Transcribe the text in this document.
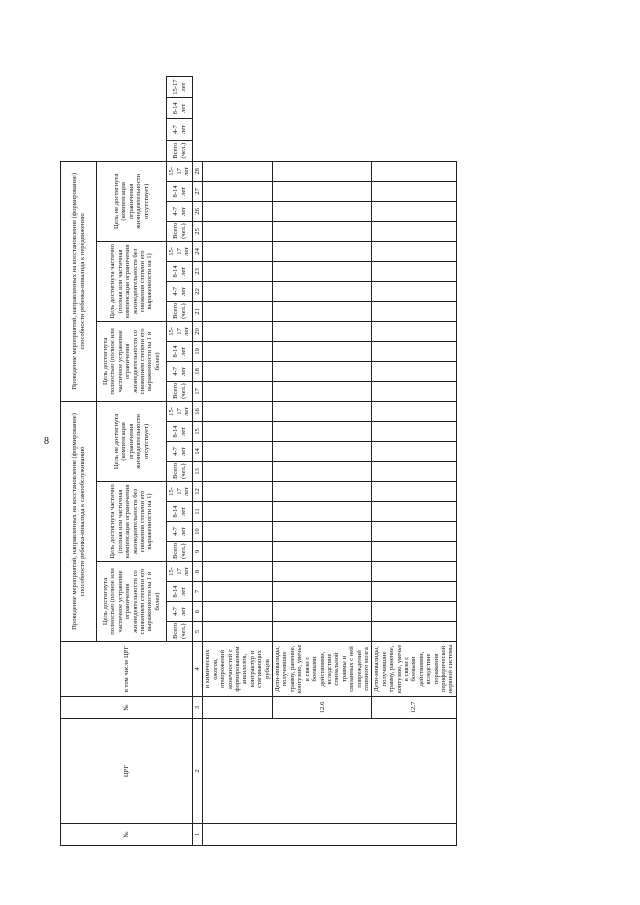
8
№	ЦРГ	№	в том числе ЦРГ	Проведение мероприятий, направленных на восстановление (формирование) способности ребенка-инвалида к самообслуживанию												Проведение мероприятий, направленных на восстановление (формирование) способности ребенка-инвалида к передвижению															
				Цель достигнута полностью (полное или частичное устранение ограничения жизнедеятельности со снижением степени его выраженности на 1 и более)				Цель достигнута частично (полная или частичная компенсация ограничения жизнедеятельности без снижения степени его выраженности на 1)				Цель не достигнута (компенсация ограничения жизнедеятельности отсутствует)				Цель достигнута полностью (полное или частичное устранение ограничения жизнедеятельности со снижением степени его выраженности на 1 и более)				Цель достигнута частично (полная или частичная компенсация ограничения жизнедеятельности без снижения степени его выраженности на 1)				Цель не достигнута (компенсация ограничения жизнедеятельности отсутствует)							
				Всего (чел.)	4-7 лет	8-14 лет	15-17 лет	Всего (чел.)	4-7 лет	8-14 лет	15-17 лет	Всего (чел.)	4-7 лет	8-14 лет	15-17 лет	Всего (чел.)	4-7 лет	8-14 лет	15-17 лет	Всего (чел.)	4-7 лет	8-14 лет	15-17 лет	Всего (чел.)	4-7 лет	8-14 лет	15-17 лет	Всего (чел.)	4-7 лет	8-14 лет	15-17 лет
1	2	3	4	5	6	7	8	9	10	11	12	13	14	15	16	17	18	19	20	21	22	23	24	25	26	27	28				
			и химических ожогов, отморожений конечностей с формированием анкилозов, контрактур и стягивающих рубцов																												
		12.6	Дети-инвалиды, получившие травму, ранение, контузию, увечье в связи с боевыми действиями, вследствие спинальной травмы и связанных с ней повреждений спинного мозга																												
		12.7	Дети-инвалиды, получившие травму, ранение, контузию, увечье в связи с боевыми действиями, вследствие поражения периферической нервной системы																												
